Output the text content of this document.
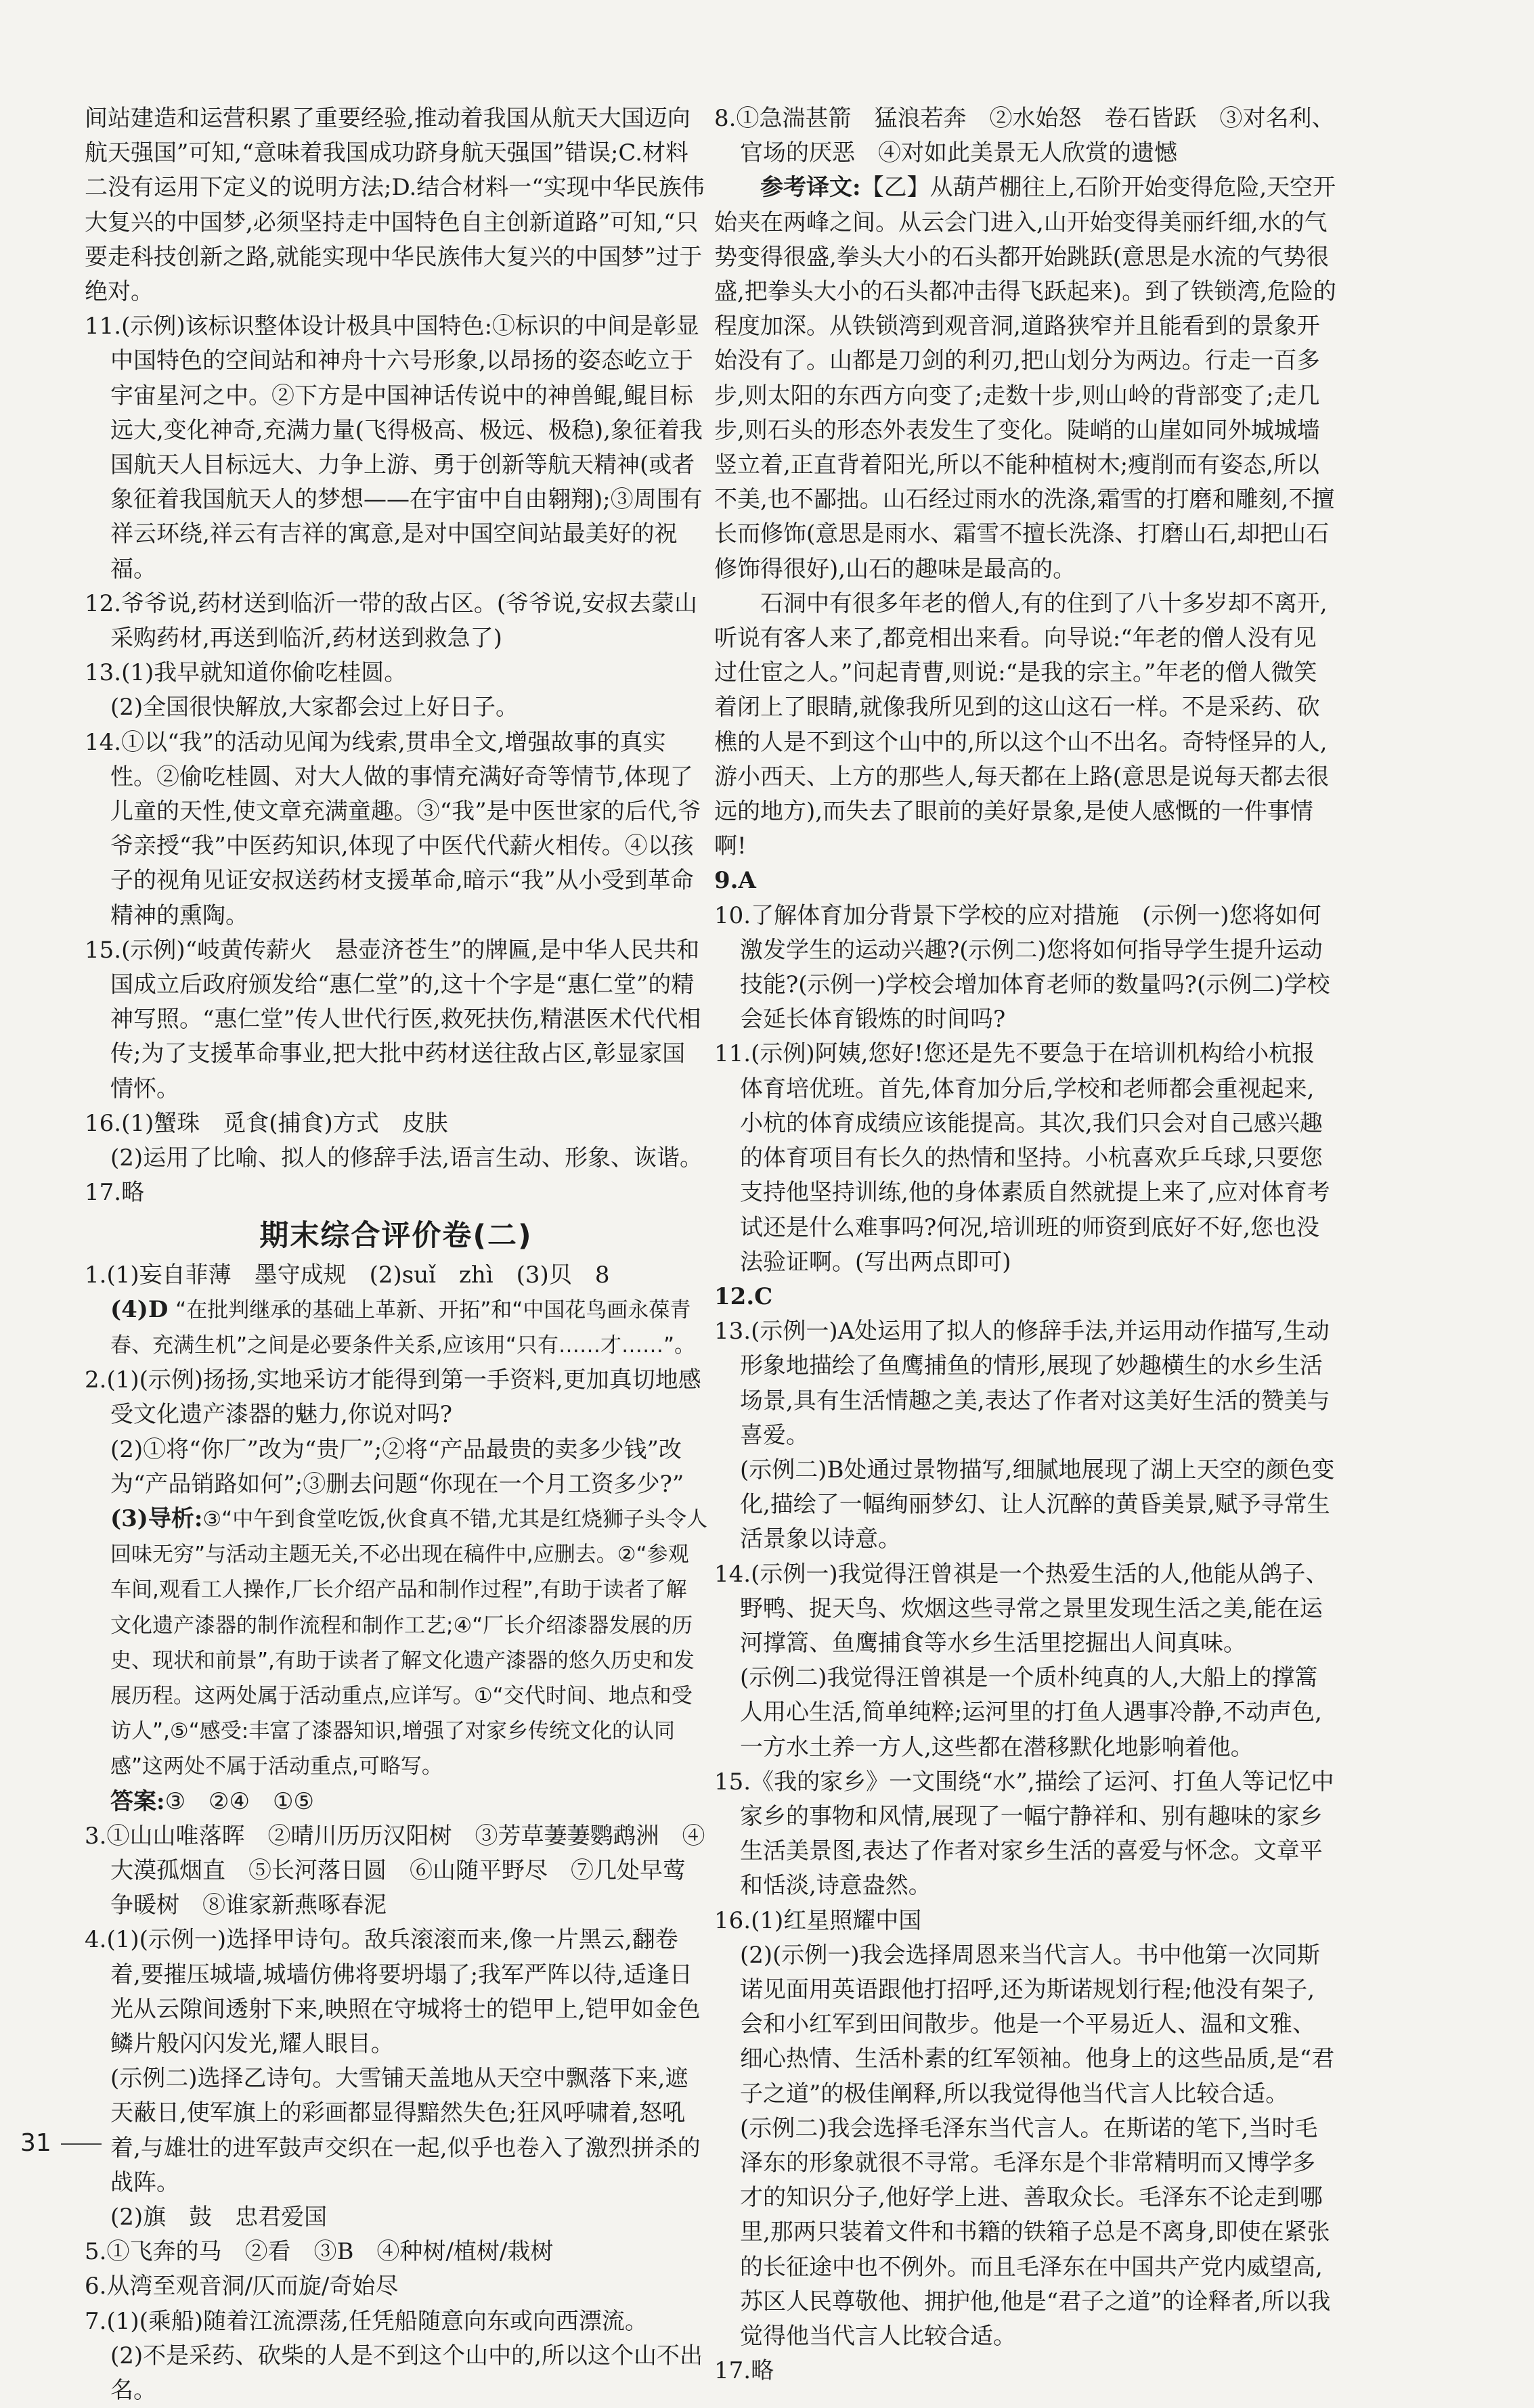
间站建造和运营积累了重要经验,推动着我国从航天大国迈向航天强国”可知,“意味着我国成功跻身航天强国”错误;C.材料二没有运用下定义的说明方法;D.结合材料一“实现中华民族伟大复兴的中国梦,必须坚持走中国特色自主创新道路”可知,“只要走科技创新之路,就能实现中华民族伟大复兴的中国梦”过于绝对。

11.(示例)该标识整体设计极具中国特色:①标识的中间是彰显中国特色的空间站和神舟十六号形象,以昂扬的姿态屹立于宇宙星河之中。②下方是中国神话传说中的神兽鲲,鲲目标远大,变化神奇,充满力量(飞得极高、极远、极稳),象征着我国航天人目标远大、力争上游、勇于创新等航天精神(或者象征着我国航天人的梦想——在宇宙中自由翱翔);③周围有祥云环绕,祥云有吉祥的寓意,是对中国空间站最美好的祝福。

12.爷爷说,药材送到临沂一带的敌占区。(爷爷说,安叔去蒙山采购药材,再送到临沂,药材送到救急了)

13.(1)我早就知道你偷吃桂圆。

(2)全国很快解放,大家都会过上好日子。

14.①以“我”的活动见闻为线索,贯串全文,增强故事的真实性。②偷吃桂圆、对大人做的事情充满好奇等情节,体现了儿童的天性,使文章充满童趣。③“我”是中医世家的后代,爷爷亲授“我”中医药知识,体现了中医代代薪火相传。④以孩子的视角见证安叔送药材支援革命,暗示“我”从小受到革命精神的熏陶。

15.(示例)“岐黄传薪火　悬壶济苍生”的牌匾,是中华人民共和国成立后政府颁发给“惠仁堂”的,这十个字是“惠仁堂”的精神写照。“惠仁堂”传人世代行医,救死扶伤,精湛医术代代相传;为了支援革命事业,把大批中药材送往敌占区,彰显家国情怀。

16.(1)蟹珠　觅食(捕食)方式　皮肤

(2)运用了比喻、拟人的修辞手法,语言生动、形象、诙谐。

17.略

期末综合评价卷(二)

1.(1)妄自菲薄　墨守成规　(2)suǐ　zhì　(3)贝　8

(4)D “在批判继承的基础上革新、开拓”和“中国花鸟画永葆青春、充满生机”之间是必要条件关系,应该用“只有……才……”。

2.(1)(示例)扬扬,实地采访才能得到第一手资料,更加真切地感受文化遗产漆器的魅力,你说对吗?

(2)①将“你厂”改为“贵厂”;②将“产品最贵的卖多少钱”改为“产品销路如何”;③删去问题“你现在一个月工资多少?”

(3)导析:③“中午到食堂吃饭,伙食真不错,尤其是红烧狮子头令人回味无穷”与活动主题无关,不必出现在稿件中,应删去。②“参观车间,观看工人操作,厂长介绍产品和制作过程”,有助于读者了解文化遗产漆器的制作流程和制作工艺;④“厂长介绍漆器发展的历史、现状和前景”,有助于读者了解文化遗产漆器的悠久历史和发展历程。这两处属于活动重点,应详写。①“交代时间、地点和受访人”,⑤“感受:丰富了漆器知识,增强了对家乡传统文化的认同感”这两处不属于活动重点,可略写。

答案:③　②④　①⑤

3.①山山唯落晖　②晴川历历汉阳树　③芳草萋萋鹦鹉洲　④大漠孤烟直　⑤长河落日圆　⑥山随平野尽　⑦几处早莺争暖树　⑧谁家新燕啄春泥

4.(1)(示例一)选择甲诗句。敌兵滚滚而来,像一片黑云,翻卷着,要摧压城墙,城墙仿佛将要坍塌了;我军严阵以待,适逢日光从云隙间透射下来,映照在守城将士的铠甲上,铠甲如金色鳞片般闪闪发光,耀人眼目。

(示例二)选择乙诗句。大雪铺天盖地从天空中飘落下来,遮天蔽日,使军旗上的彩画都显得黯然失色;狂风呼啸着,怒吼着,与雄壮的进军鼓声交织在一起,似乎也卷入了激烈拼杀的战阵。

(2)旗　鼓　忠君爱国

5.①飞奔的马　②看　③B　④种树/植树/栽树

6.从湾至观音洞/仄而旋/奇始尽

7.(1)(乘船)随着江流漂荡,任凭船随意向东或向西漂流。

(2)不是采药、砍柴的人是不到这个山中的,所以这个山不出名。

8.①急湍甚箭　猛浪若奔　②水始怒　卷石皆跃　③对名利、官场的厌恶　④对如此美景无人欣赏的遗憾

参考译文:【乙】从葫芦棚往上,石阶开始变得危险,天空开始夹在两峰之间。从云会门进入,山开始变得美丽纤细,水的气势变得很盛,拳头大小的石头都开始跳跃(意思是水流的气势很盛,把拳头大小的石头都冲击得飞跃起来)。到了铁锁湾,危险的程度加深。从铁锁湾到观音洞,道路狭窄并且能看到的景象开始没有了。山都是刀剑的利刃,把山划分为两边。行走一百多步,则太阳的东西方向变了;走数十步,则山岭的背部变了;走几步,则石头的形态外表发生了变化。陡峭的山崖如同外城城墙竖立着,正直背着阳光,所以不能种植树木;瘦削而有姿态,所以不美,也不鄙拙。山石经过雨水的洗涤,霜雪的打磨和雕刻,不擅长而修饰(意思是雨水、霜雪不擅长洗涤、打磨山石,却把山石修饰得很好),山石的趣味是最高的。

石洞中有很多年老的僧人,有的住到了八十多岁却不离开,听说有客人来了,都竞相出来看。向导说:“年老的僧人没有见过仕宦之人。”问起青曹,则说:“是我的宗主。”年老的僧人微笑着闭上了眼睛,就像我所见到的这山这石一样。不是采药、砍樵的人是不到这个山中的,所以这个山不出名。奇特怪异的人,游小西天、上方的那些人,每天都在上路(意思是说每天都去很远的地方),而失去了眼前的美好景象,是使人感慨的一件事情啊!

9.A

10.了解体育加分背景下学校的应对措施　(示例一)您将如何激发学生的运动兴趣?(示例二)您将如何指导学生提升运动技能?(示例一)学校会增加体育老师的数量吗?(示例二)学校会延长体育锻炼的时间吗?

11.(示例)阿姨,您好!您还是先不要急于在培训机构给小杭报体育培优班。首先,体育加分后,学校和老师都会重视起来,小杭的体育成绩应该能提高。其次,我们只会对自己感兴趣的体育项目有长久的热情和坚持。小杭喜欢乒乓球,只要您支持他坚持训练,他的身体素质自然就提上来了,应对体育考试还是什么难事吗?何况,培训班的师资到底好不好,您也没法验证啊。(写出两点即可)

12.C

13.(示例一)A处运用了拟人的修辞手法,并运用动作描写,生动形象地描绘了鱼鹰捕鱼的情形,展现了妙趣横生的水乡生活场景,具有生活情趣之美,表达了作者对这美好生活的赞美与喜爱。

(示例二)B处通过景物描写,细腻地展现了湖上天空的颜色变化,描绘了一幅绚丽梦幻、让人沉醉的黄昏美景,赋予寻常生活景象以诗意。

14.(示例一)我觉得汪曾祺是一个热爱生活的人,他能从鸽子、野鸭、捉天鸟、炊烟这些寻常之景里发现生活之美,能在运河撑篙、鱼鹰捕食等水乡生活里挖掘出人间真味。

(示例二)我觉得汪曾祺是一个质朴纯真的人,大船上的撑篙人用心生活,简单纯粹;运河里的打鱼人遇事冷静,不动声色,一方水土养一方人,这些都在潜移默化地影响着他。

15.《我的家乡》一文围绕“水”,描绘了运河、打鱼人等记忆中家乡的事物和风情,展现了一幅宁静祥和、别有趣味的家乡生活美景图,表达了作者对家乡生活的喜爱与怀念。文章平和恬淡,诗意盎然。

16.(1)红星照耀中国

(2)(示例一)我会选择周恩来当代言人。书中他第一次同斯诺见面用英语跟他打招呼,还为斯诺规划行程;他没有架子,会和小红军到田间散步。他是一个平易近人、温和文雅、细心热情、生活朴素的红军领袖。他身上的这些品质,是“君子之道”的极佳阐释,所以我觉得他当代言人比较合适。

(示例二)我会选择毛泽东当代言人。在斯诺的笔下,当时毛泽东的形象就很不寻常。毛泽东是个非常精明而又博学多才的知识分子,他好学上进、善取众长。毛泽东不论走到哪里,那两只装着文件和书籍的铁箱子总是不离身,即使在紧张的长征途中也不例外。而且毛泽东在中国共产党内威望高,苏区人民尊敬他、拥护他,他是“君子之道”的诠释者,所以我觉得他当代言人比较合适。

17.略

31
